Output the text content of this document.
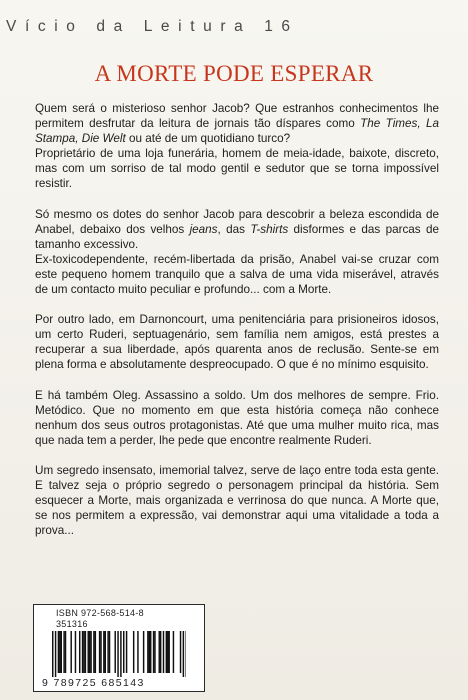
Vício da Leitura 16
A MORTE PODE ESPERAR

Quem será o misterioso senhor Jacob? Que estranhos conhecimentos lhe permitem desfrutar da leitura de jornais tão díspares como The Times, La Stampa, Die Welt ou até de um quotidiano turco?

Proprietário de uma loja funerária, homem de meia-idade, baixote, discreto, mas com um sorriso de tal modo gentil e sedutor que se torna impossível resistir.

Só mesmo os dotes do senhor Jacob para descobrir a beleza escondida de Anabel, debaixo dos velhos jeans, das T-shirts disformes e das parcas de tamanho excessivo.

Ex-toxicodependente, recém-libertada da prisão, Anabel vai-se cruzar com este pequeno homem tranquilo que a salva de uma vida miserável, através de um contacto muito peculiar e profundo... com a Morte.

Por outro lado, em Darnoncourt, uma penitenciária para prisioneiros idosos, um certo Ruderi, septuagenário, sem família nem amigos, está prestes a recuperar a sua liberdade, após quarenta anos de reclusão. Sente-se em plena forma e absolutamente despreocupado. O que é no mínimo esquisito.

E há também Oleg. Assassino a soldo. Um dos melhores de sempre. Frio. Metódico. Que no momento em que esta história começa não conhece nenhum dos seus outros protagonistas. Até que uma mulher muito rica, mas que nada tem a perder, lhe pede que encontre realmente Ruderi.

Um segredo insensato, imemorial talvez, serve de laço entre toda esta gente. E talvez seja o próprio segredo o personagem principal da história. Sem esquecer a Morte, mais organizada e verrinosa do que nunca. A Morte que, se nos permitem a expressão, vai demonstrar aqui uma vitalidade a toda a prova...

ISBN 972-568-514-8
351316
9 789725 685143
